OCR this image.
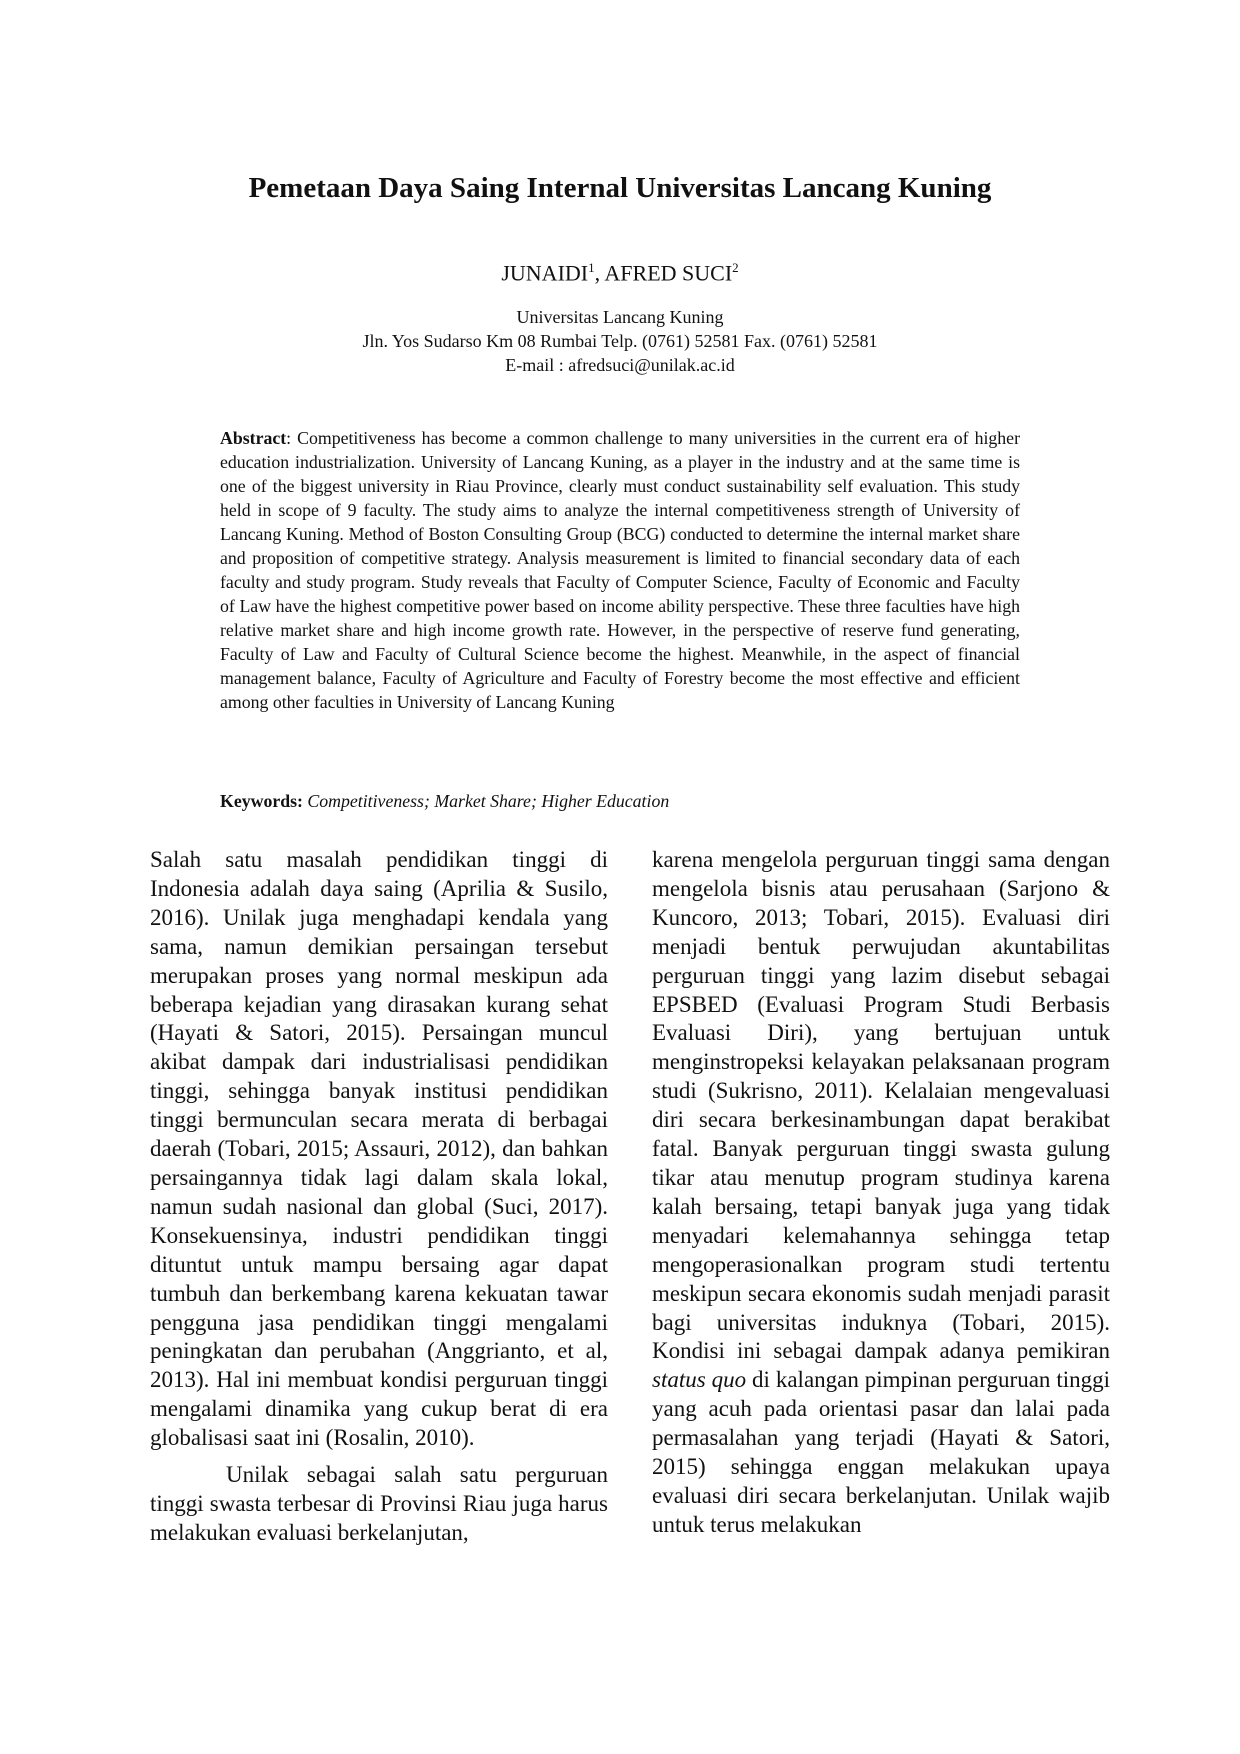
Pemetaan Daya Saing Internal Universitas Lancang Kuning
JUNAIDI$^1$, AFRED SUCI$^2$
Universitas Lancang Kuning
Jln. Yos Sudarso Km 08 Rumbai Telp. (0761) 52581 Fax. (0761) 52581
E-mail : afredsuci@unilak.ac.id
Abstract: Competitiveness has become a common challenge to many universities in the current era of higher education industrialization. University of Lancang Kuning, as a player in the industry and at the same time is one of the biggest university in Riau Province, clearly must conduct sustainability self evaluation. This study held in scope of 9 faculty. The study aims to analyze the internal competitiveness strength of University of Lancang Kuning. Method of Boston Consulting Group (BCG) conducted to determine the internal market share and proposition of competitive strategy. Analysis measurement is limited to financial secondary data of each faculty and study program. Study reveals that Faculty of Computer Science, Faculty of Economic and Faculty of Law have the highest competitive power based on income ability perspective. These three faculties have high relative market share and high income growth rate. However, in the perspective of reserve fund generating, Faculty of Law and Faculty of Cultural Science become the highest. Meanwhile, in the aspect of financial management balance, Faculty of Agriculture and Faculty of Forestry become the most effective and efficient among other faculties in University of Lancang Kuning
Keywords: Competitiveness; Market Share; Higher Education

Salah satu masalah pendidikan tinggi di Indonesia adalah daya saing (Aprilia & Susilo, 2016). Unilak juga menghadapi kendala yang sama, namun demikian persaingan tersebut merupakan proses yang normal meskipun ada beberapa kejadian yang dirasakan kurang sehat (Hayati & Satori, 2015). Persaingan muncul akibat dampak dari industrialisasi pendidikan tinggi, sehingga banyak institusi pendidikan tinggi bermunculan secara merata di berbagai daerah (Tobari, 2015; Assauri, 2012), dan bahkan persaingannya tidak lagi dalam skala lokal, namun sudah nasional dan global (Suci, 2017). Konsekuensinya, industri pendidikan tinggi dituntut untuk mampu bersaing agar dapat tumbuh dan berkembang karena kekuatan tawar pengguna jasa pendidikan tinggi mengalami peningkatan dan perubahan (Anggrianto, et al, 2013). Hal ini membuat kondisi perguruan tinggi mengalami dinamika yang cukup berat di era globalisasi saat ini (Rosalin, 2010).

Unilak sebagai salah satu perguruan tinggi swasta terbesar di Provinsi Riau juga harus melakukan evaluasi berkelanjutan,

karena mengelola perguruan tinggi sama dengan mengelola bisnis atau perusahaan (Sarjono & Kuncoro, 2013; Tobari, 2015). Evaluasi diri menjadi bentuk perwujudan akuntabilitas perguruan tinggi yang lazim disebut sebagai EPSBED (Evaluasi Program Studi Berbasis Evaluasi Diri), yang bertujuan untuk menginstropeksi kelayakan pelaksanaan program studi (Sukrisno, 2011). Kelalaian mengevaluasi diri secara berkesinambungan dapat berakibat fatal. Banyak perguruan tinggi swasta gulung tikar atau menutup program studinya karena kalah bersaing, tetapi banyak juga yang tidak menyadari kelemahannya sehingga tetap mengoperasionalkan program studi tertentu meskipun secara ekonomis sudah menjadi parasit bagi universitas induknya (Tobari, 2015). Kondisi ini sebagai dampak adanya pemikiran status quo di kalangan pimpinan perguruan tinggi yang acuh pada orientasi pasar dan lalai pada permasalahan yang terjadi (Hayati & Satori, 2015) sehingga enggan melakukan upaya evaluasi diri secara berkelanjutan. Unilak wajib untuk terus melakukan
